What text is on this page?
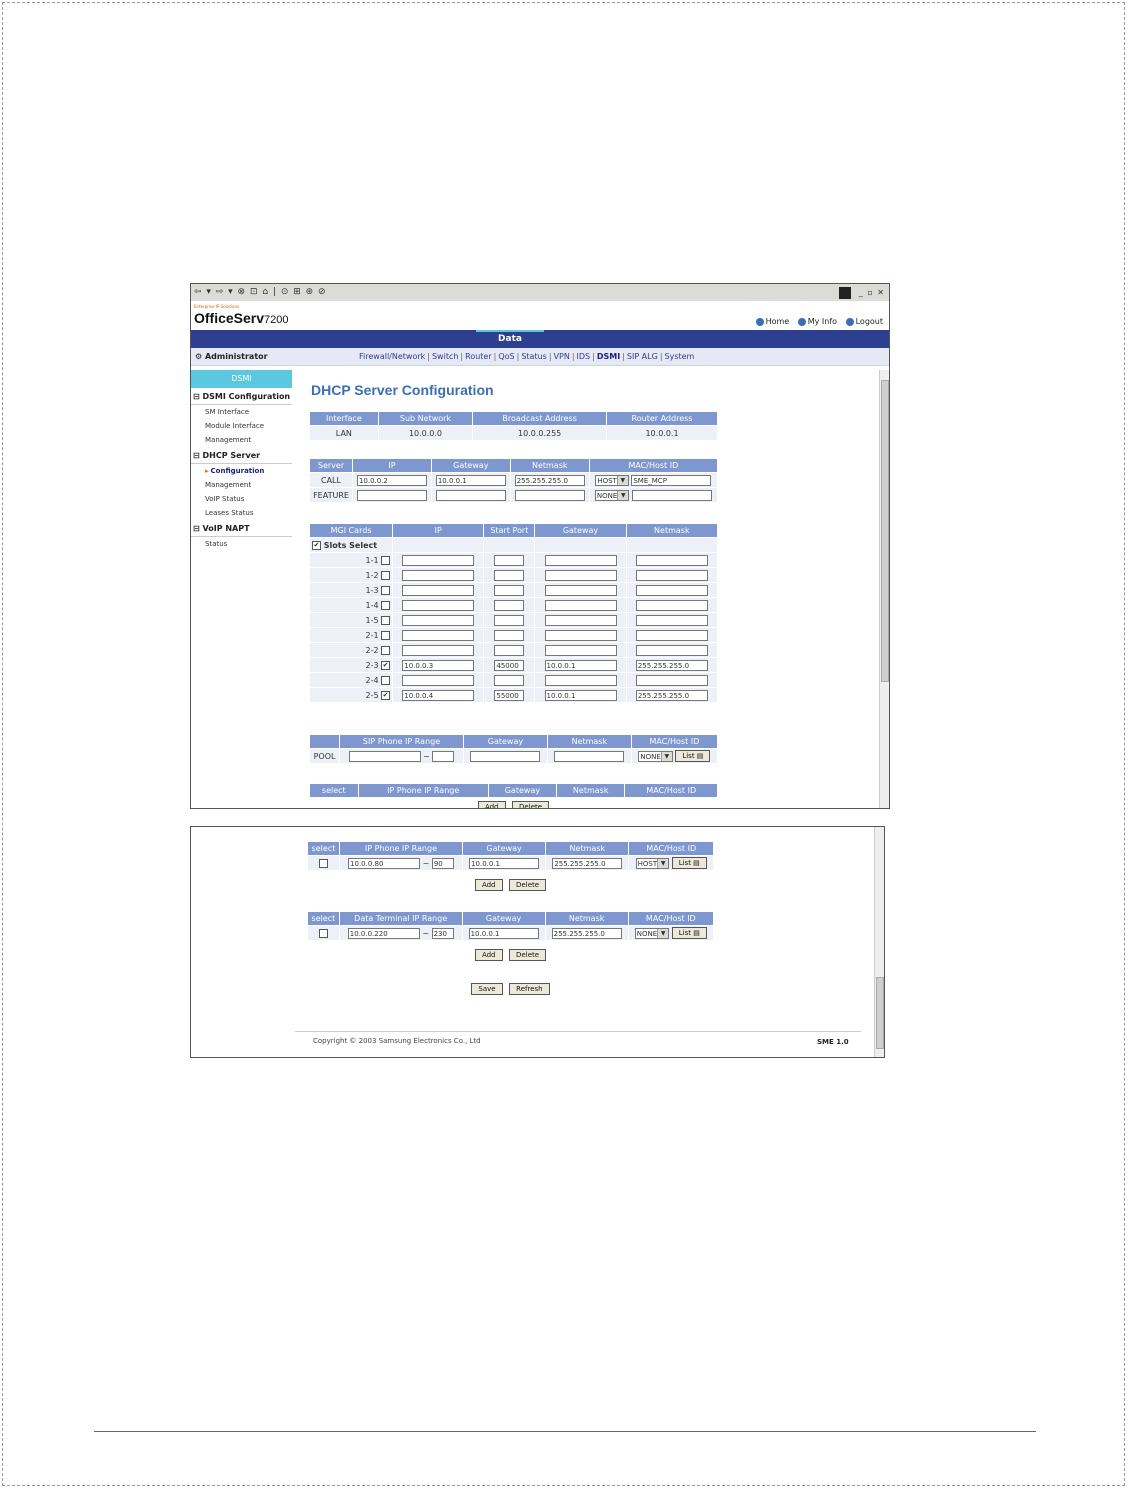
⇦ ▾ ⇨ ▾ ⊗ ⊡ ⌂ | ⊙ ⊞ ⊛ ⊘	_ ▫ ✕
Enterprise IP Solutions
OfficeServ7200	Home My Info Logout
Data
⚙ Administrator	Firewall/Network | Switch | Router | QoS | Status | VPN | IDS | DSMI | SIP ALG | System
DSMI
⊟ DSMI Configuration
SM Interface
Module Interface
Management
⊟ DHCP Server
▸ Configuration
Management
VoIP Status
Leases Status
⊟ VoIP NAPT
Status
DHCP Server Configuration
Interface	Sub Network	Broadcast Address	Router Address
LAN	10.0.0.0	10.0.0.255	10.0.0.1
Server	IP	Gateway	Netmask	MAC/Host ID
CALL	10.0.0.2	10.0.0.1	255.255.255.0	HOST ▼ SME_MCP
FEATURE				NONE ▼

MGI Cards	IP	Start Port	Gateway	Netmask
✔ Slots Select				
1-1				
1-2				
1-3				
1-4				
1-5				
2-1				
2-2				
2-3 ✔	10.0.0.3	45000	10.0.0.1	255.255.255.0
2-4				
2-5 ✔	10.0.0.4	55000	10.0.0.1	255.255.255.0
	SIP Phone IP Range	Gateway	Netmask	MAC/Host ID
POOL	~			NONE ▼ List ▤
select	IP Phone IP Range	Gateway	Netmask	MAC/Host ID
Add	Delete
select	IP Phone IP Range	Gateway	Netmask	MAC/Host ID
	10.0.0.80 ~ 90	10.0.0.1	255.255.255.0	HOST ▼ List ▤
Add	Delete
select	Data Terminal IP Range	Gateway	Netmask	MAC/Host ID
	10.0.0.220 ~ 230	10.0.0.1	255.255.255.0	NONE ▼ List ▤
Add	Delete
Save	Refresh
Copyright © 2003 Samsung Electronics Co., Ltd	SME 1.0
